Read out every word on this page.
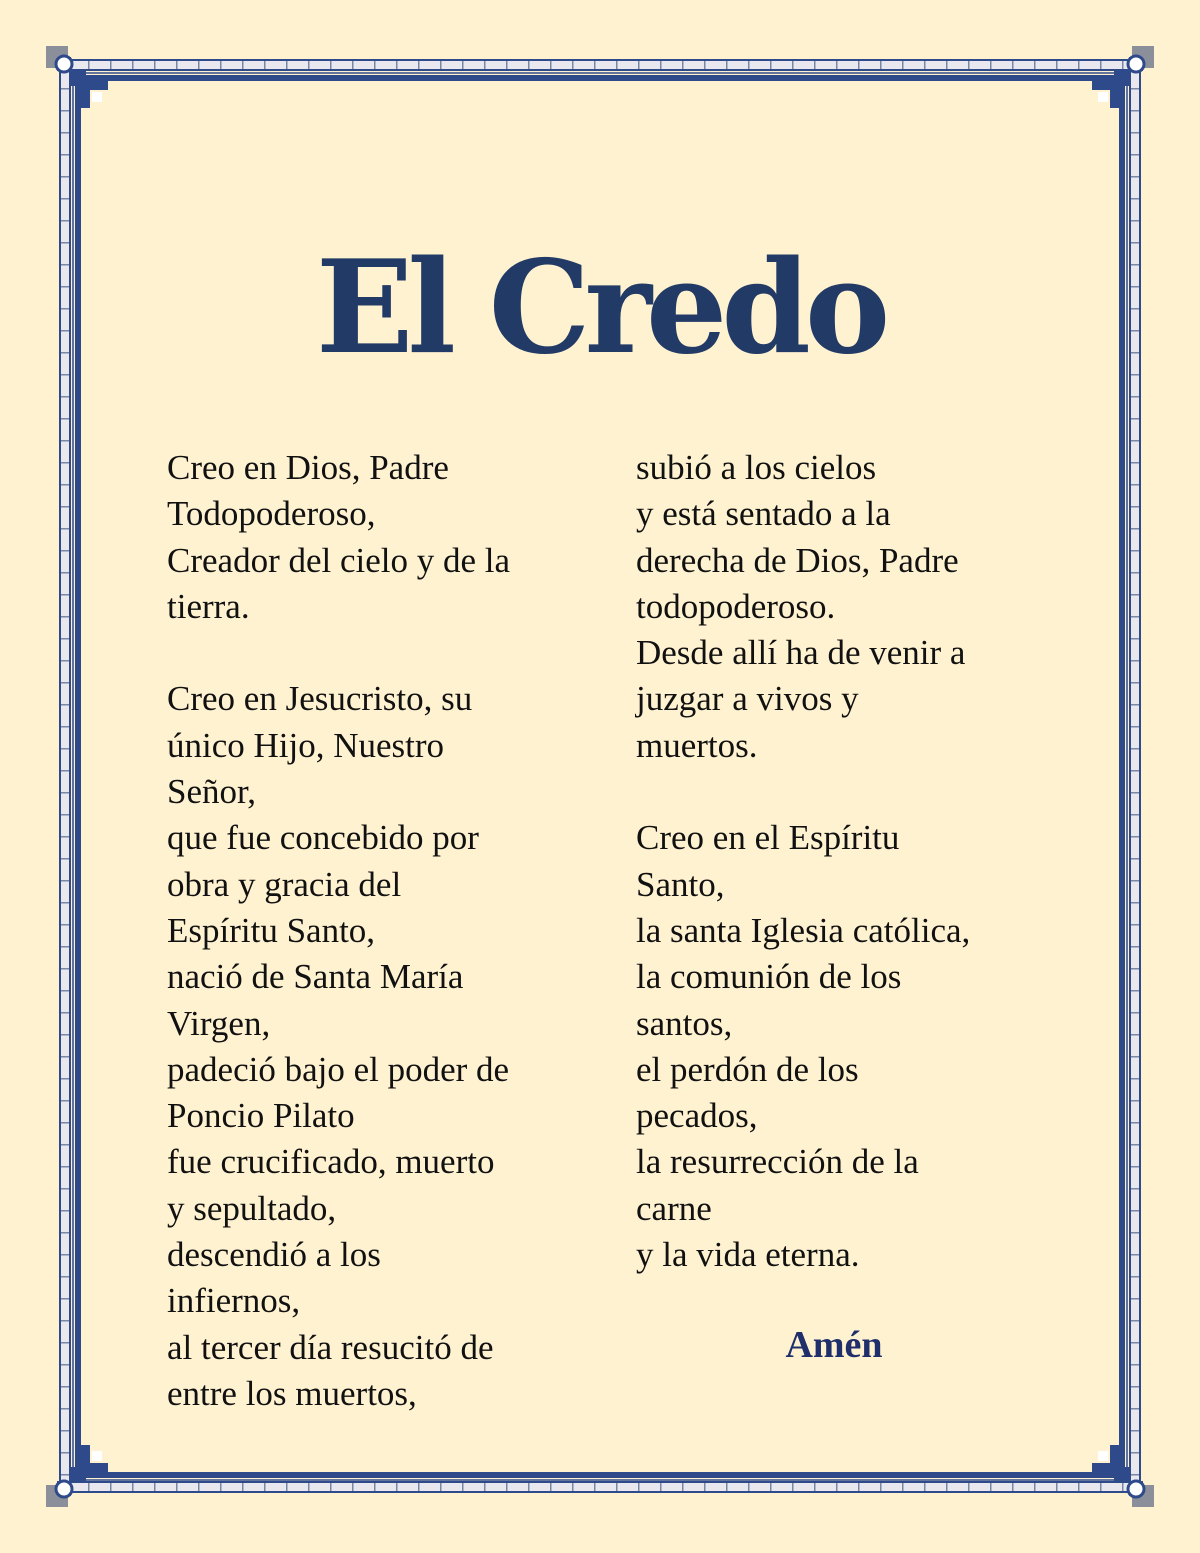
El Credo
Creo en Dios, Padre
Todopoderoso,
Creador del cielo y de la
tierra.
Creo en Jesucristo, su
único Hijo, Nuestro
Señor,
que fue concebido por
obra y gracia del
Espíritu Santo,
nació de Santa María
Virgen,
padeció bajo el poder de
Poncio Pilato
fue crucificado, muerto
y sepultado,
descendió a los
infiernos,
al tercer día resucitó de
entre los muertos,
subió a los cielos
y está sentado a la
derecha de Dios, Padre
todopoderoso.
Desde allí ha de venir a
juzgar a vivos y
muertos.
Creo en el Espíritu
Santo,
la santa Iglesia católica,
la comunión de los
santos,
el perdón de los
pecados,
la resurrección de la
carne
y la vida eterna.
Amén
